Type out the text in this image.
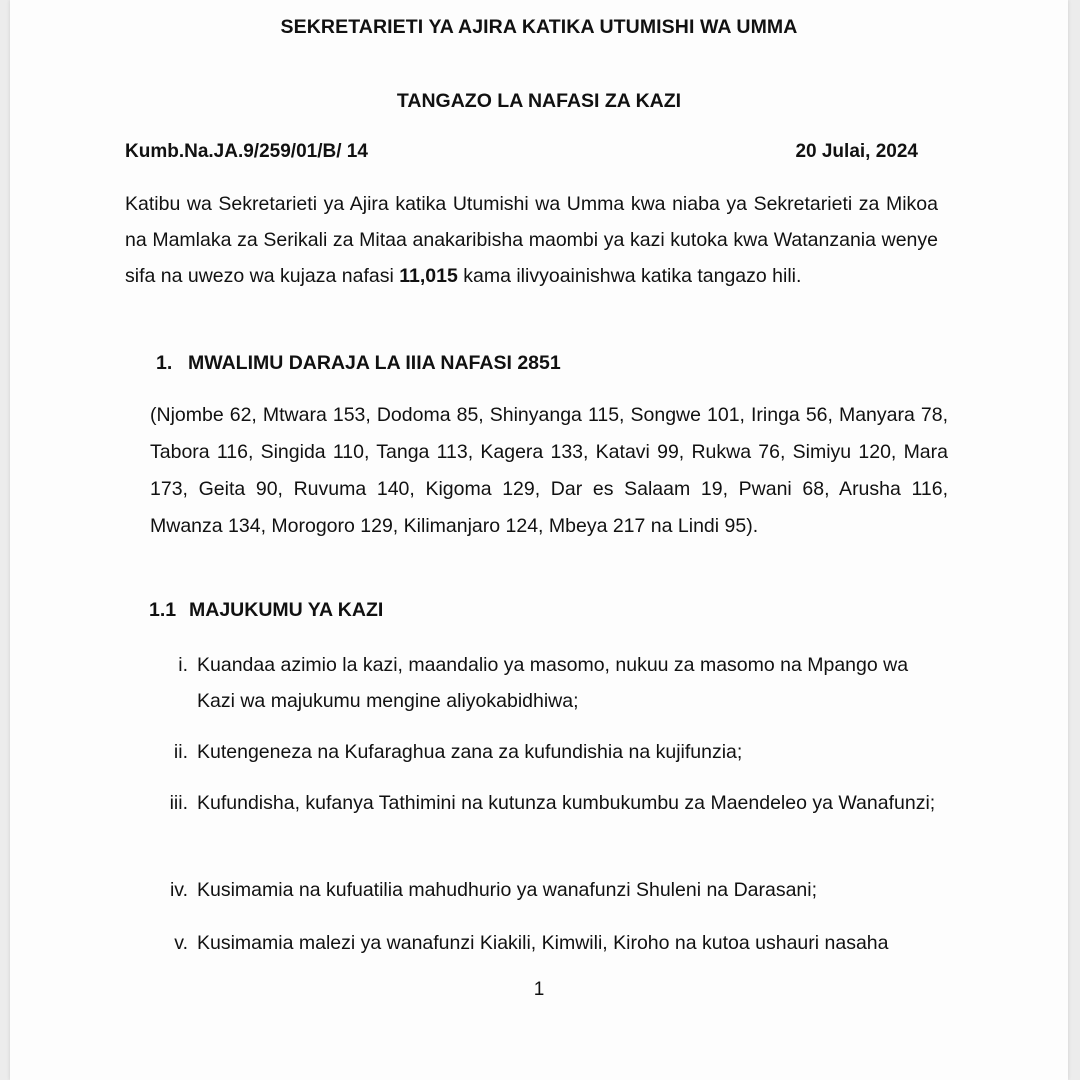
SEKRETARIETI YA AJIRA KATIKA UTUMISHI WA UMMA
TANGAZO LA NAFASI ZA KAZI
Kumb.Na.JA.9/259/01/B/ 14	20 Julai, 2024

Katibu wa Sekretarieti ya Ajira katika Utumishi wa Umma kwa niaba ya Sekretarieti za Mikoa na Mamlaka za Serikali za Mitaa anakaribisha maombi ya kazi kutoka kwa Watanzania wenye sifa na uwezo wa kujaza nafasi 11,015 kama ilivyoainishwa katika tangazo hili.

1. MWALIMU DARAJA LA IIIA NAFASI 2851

(Njombe 62, Mtwara 153, Dodoma 85, Shinyanga 115, Songwe 101, Iringa 56, Manyara 78, Tabora 116, Singida 110, Tanga 113, Kagera 133, Katavi 99, Rukwa 76, Simiyu 120, Mara 173, Geita 90, Ruvuma 140, Kigoma 129, Dar es Salaam 19, Pwani 68, Arusha 116, Mwanza 134, Morogoro 129, Kilimanjaro 124, Mbeya 217 na Lindi 95).

1.1 MAJUKUMU YA KAZI
i. Kuandaa azimio la kazi, maandalio ya masomo, nukuu za masomo na Mpango wa Kazi wa majukumu mengine aliyokabidhiwa;
ii. Kutengeneza na Kufaraghua zana za kufundishia na kujifunzia;
iii. Kufundisha, kufanya Tathimini na kutunza kumbukumbu za Maendeleo ya Wanafunzi;
iv. Kusimamia na kufuatilia mahudhurio ya wanafunzi Shuleni na Darasani;
v. Kusimamia malezi ya wanafunzi Kiakili, Kimwili, Kiroho na kutoa ushauri nasaha
1
